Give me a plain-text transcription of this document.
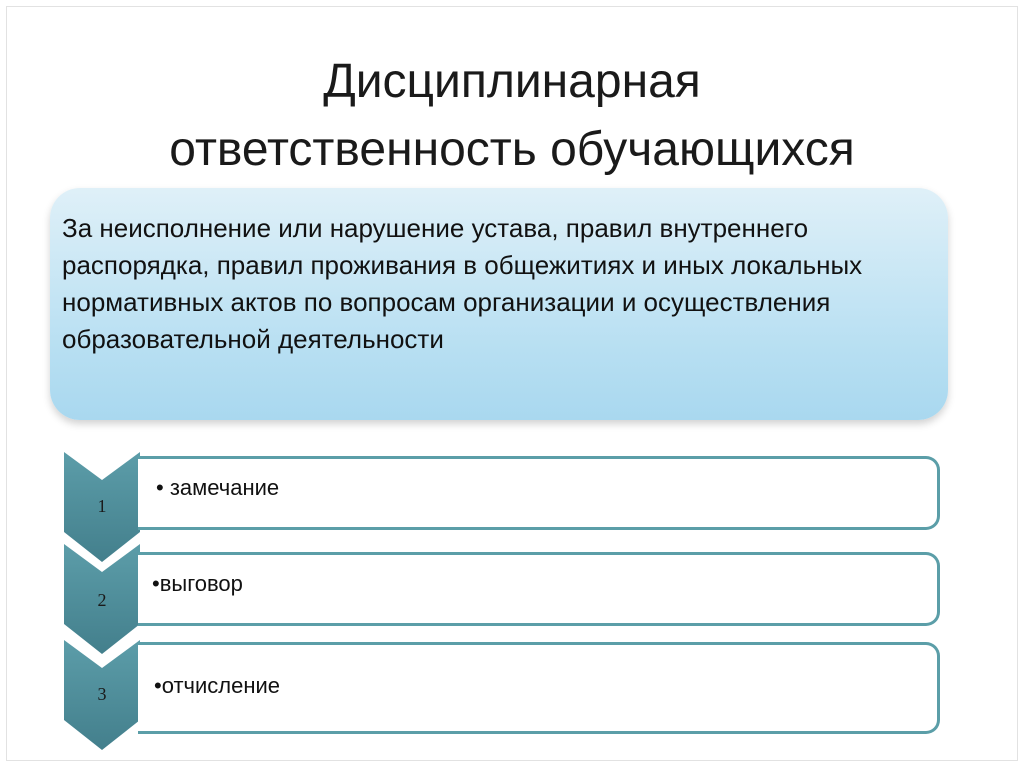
Дисциплинарная
ответственность обучающихся
За неисполнение или нарушение устава, правил внутреннего распорядка, правил проживания в общежитиях и иных локальных нормативных актов по вопросам организации и осуществления образовательной деятельности
1
• замечание
2
•выговор
3	•отчисление
